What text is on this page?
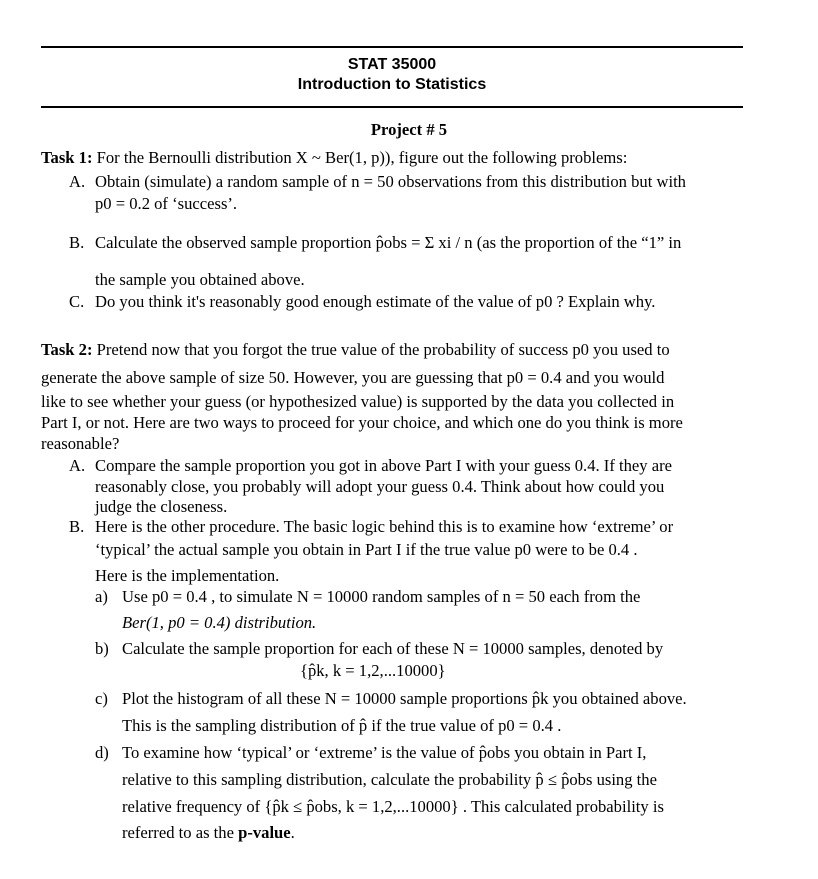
STAT 35000
Introduction to Statistics
Project # 5
Task 1: For the Bernoulli distribution X ~ Ber(1, p)), figure out the following problems:
A. Obtain (simulate) a random sample of n = 50 observations from this distribution but with
p0 = 0.2 of ‘success’.
B. Calculate the observed sample proportion p̂obs = Σ xi / n (as the proportion of the “1” in
the sample you obtained above.
C. Do you think it's reasonably good enough estimate of the value of p0 ? Explain why.
Task 2: Pretend now that you forgot the true value of the probability of success p0 you used to
generate the above sample of size 50. However, you are guessing that p0 = 0.4 and you would
like to see whether your guess (or hypothesized value) is supported by the data you collected in
Part I, or not. Here are two ways to proceed for your choice, and which one do you think is more
reasonable?
A. Compare the sample proportion you got in above Part I with your guess 0.4. If they are
reasonably close, you probably will adopt your guess 0.4. Think about how could you
judge the closeness.
B. Here is the other procedure. The basic logic behind this is to examine how ‘extreme’ or
‘typical’ the actual sample you obtain in Part I if the true value p0 were to be 0.4 .
Here is the implementation.
a) Use p0 = 0.4 , to simulate N = 10000 random samples of n = 50 each from the
Ber(1, p0 = 0.4) distribution.
b) Calculate the sample proportion for each of these N = 10000 samples, denoted by
{p̂k, k = 1,2,...10000}
c) Plot the histogram of all these N = 10000 sample proportions p̂k you obtained above.
This is the sampling distribution of p̂ if the true value of p0 = 0.4 .
d) To examine how ‘typical’ or ‘extreme’ is the value of p̂obs you obtain in Part I,
relative to this sampling distribution, calculate the probability p̂ ≤ p̂obs using the
relative frequency of {p̂k ≤ p̂obs, k = 1,2,...10000} . This calculated probability is
referred to as the p-value.
